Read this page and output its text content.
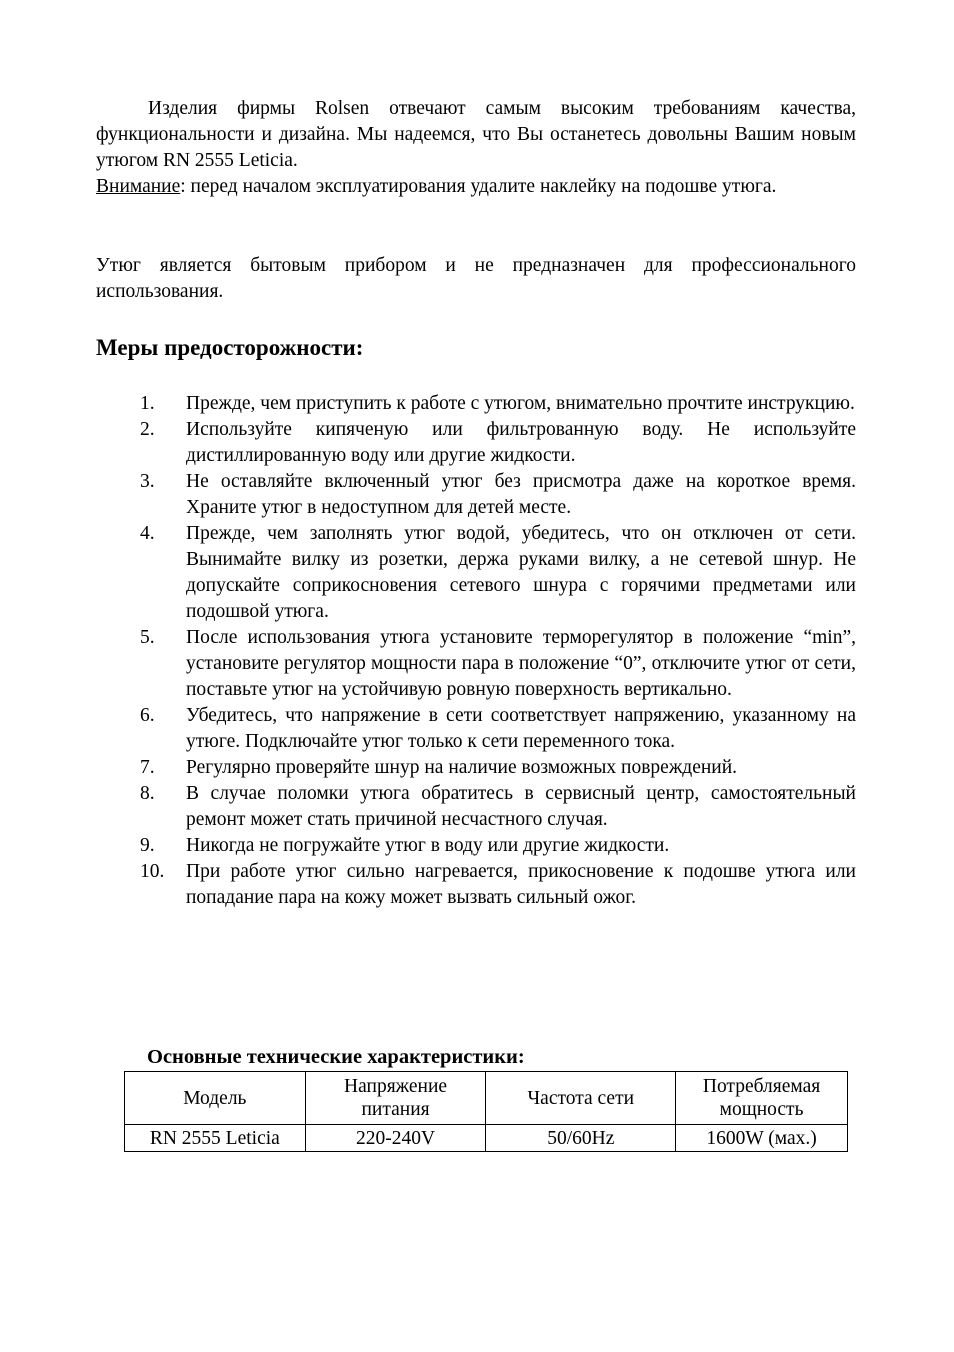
Изделия фирмы Rolsen отвечают самым высоким требованиям качества, функциональности и дизайна. Мы надеемся, что Вы останетесь довольны Вашим новым утюгом RN 2555 Leticia.

Внимание: перед началом эксплуатирования удалите наклейку на подошве утюга.

Утюг является бытовым прибором и не предназначен для профессионального использования.

Меры предосторожности:
1.	Прежде, чем приступить к работе с утюгом, внимательно прочтите инструкцию.
2.	Используйте кипяченую или фильтрованную воду. Не используйте дистиллированную воду или другие жидкости.
3.	Не оставляйте включенный утюг без присмотра даже на короткое время. Храните утюг в недоступном для детей месте.
4.	Прежде, чем заполнять утюг водой, убедитесь, что он отключен от сети. Вынимайте вилку из розетки, держа руками вилку, а не сетевой шнур. Не допускайте соприкосновения сетевого шнура с горячими предметами или подошвой утюга.
5.	После использования утюга установите терморегулятор в положение “min”, установите регулятор мощности пара в положение “0”, отключите утюг от сети, поставьте утюг на устойчивую ровную поверхность вертикально.
6.	Убедитесь, что напряжение в сети соответствует напряжению, указанному на утюге. Подключайте утюг только к сети переменного тока.
7.	Регулярно проверяйте шнур на наличие возможных повреждений.
8.	В случае поломки утюга обратитесь в сервисный центр, самостоятельный ремонт может стать причиной несчастного случая.
9.	Никогда не погружайте утюг в воду или другие жидкости.
10.	При работе утюг сильно нагревается, прикосновение к подошве утюга или попадание пара на кожу может вызвать сильный ожог.
Основные технические характеристики:
Модель	Напряжение питания	Частота сети	Потребляемая мощность
RN 2555 Leticia	220-240V	50/60Hz	1600W (мах.)
